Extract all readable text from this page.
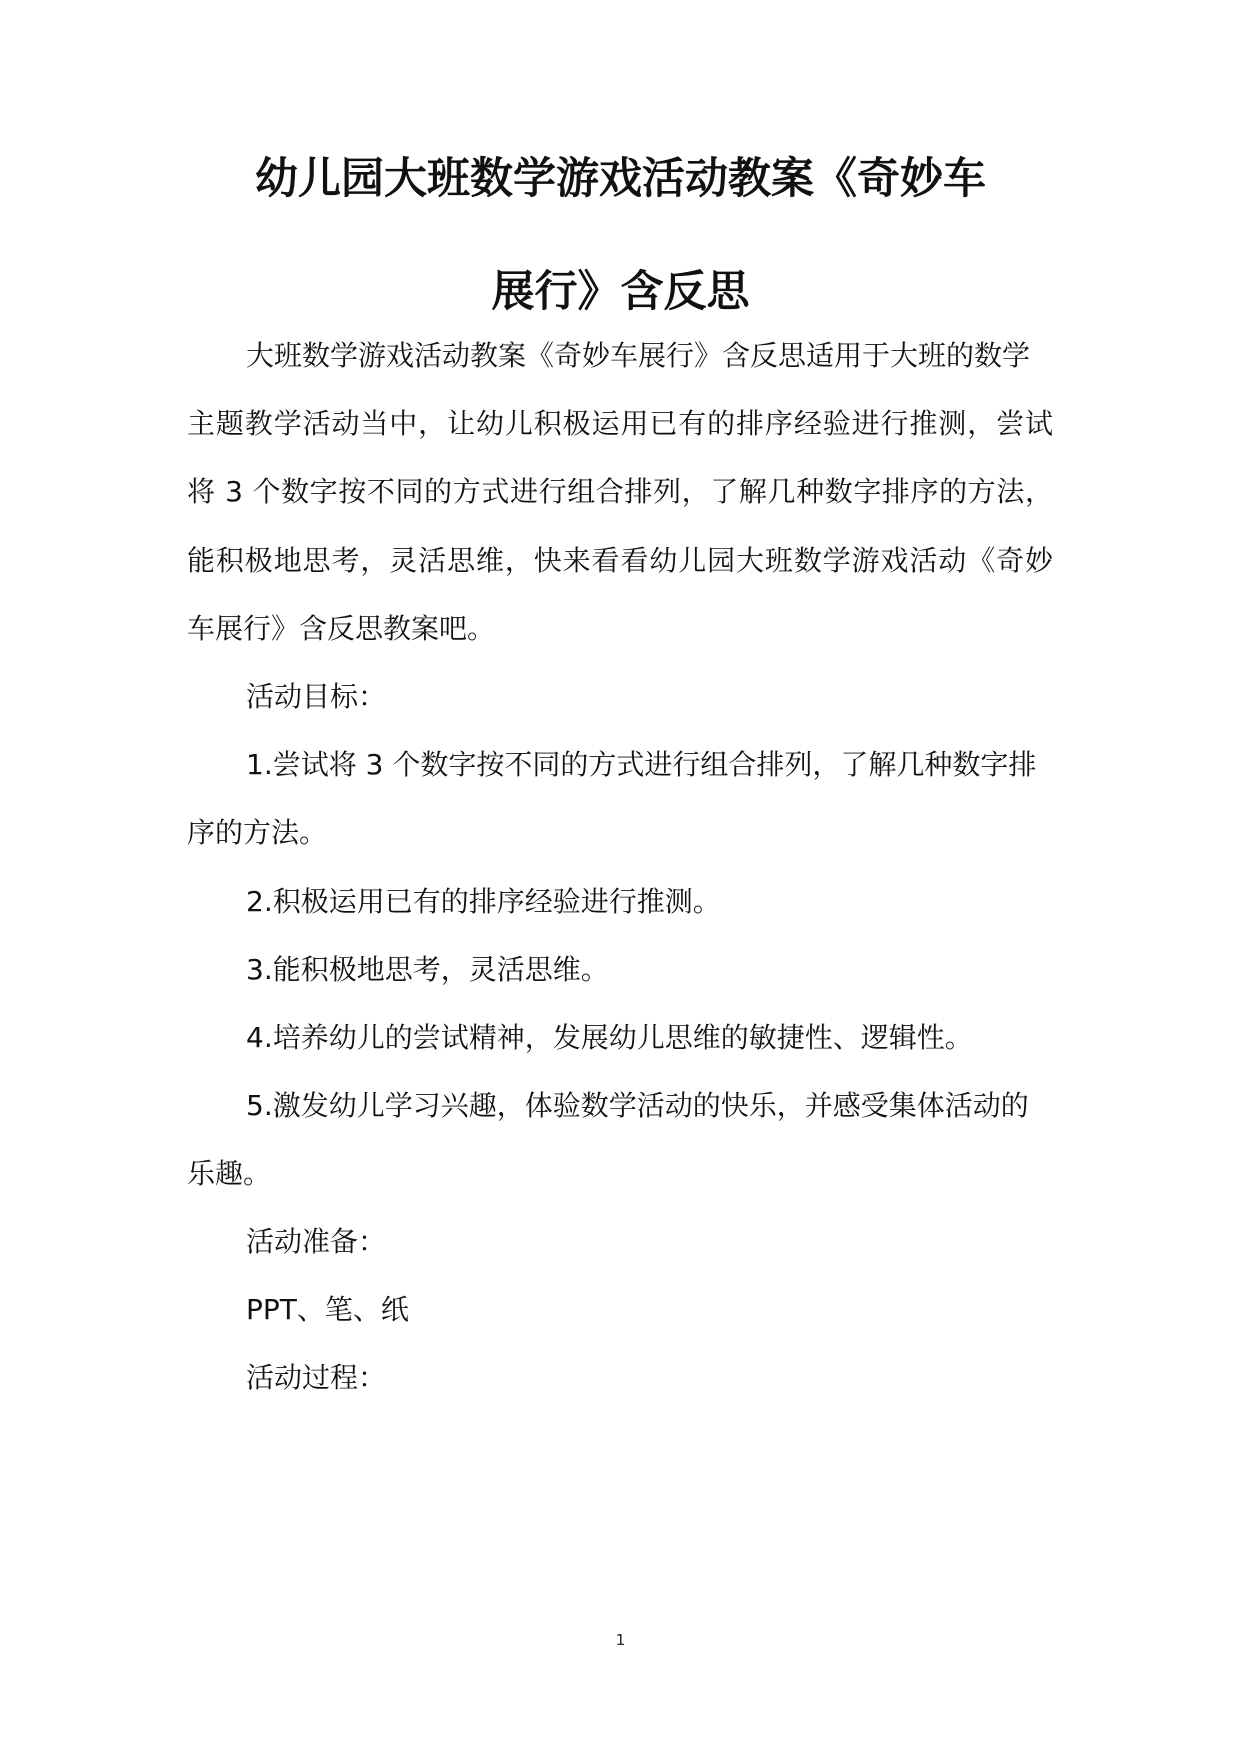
幼儿园大班数学游戏活动教案《奇妙车
展行》含反思
大班数学游戏活动教案《奇妙车展行》含反思适用于大班的数学
主题教学活动当中，让幼儿积极运用已有的排序经验进行推测，尝试
将 3 个数字按不同的方式进行组合排列，了解几种数字排序的方法，
能积极地思考，灵活思维，快来看看幼儿园大班数学游戏活动《奇妙
车展行》含反思教案吧。
活动目标：
1.尝试将 3 个数字按不同的方式进行组合排列，了解几种数字排
序的方法。
2.积极运用已有的排序经验进行推测。
3.能积极地思考，灵活思维。
4.培养幼儿的尝试精神，发展幼儿思维的敏捷性、逻辑性。
5.激发幼儿学习兴趣，体验数学活动的快乐，并感受集体活动的
乐趣。
活动准备：
PPT、笔、纸
活动过程：
1
